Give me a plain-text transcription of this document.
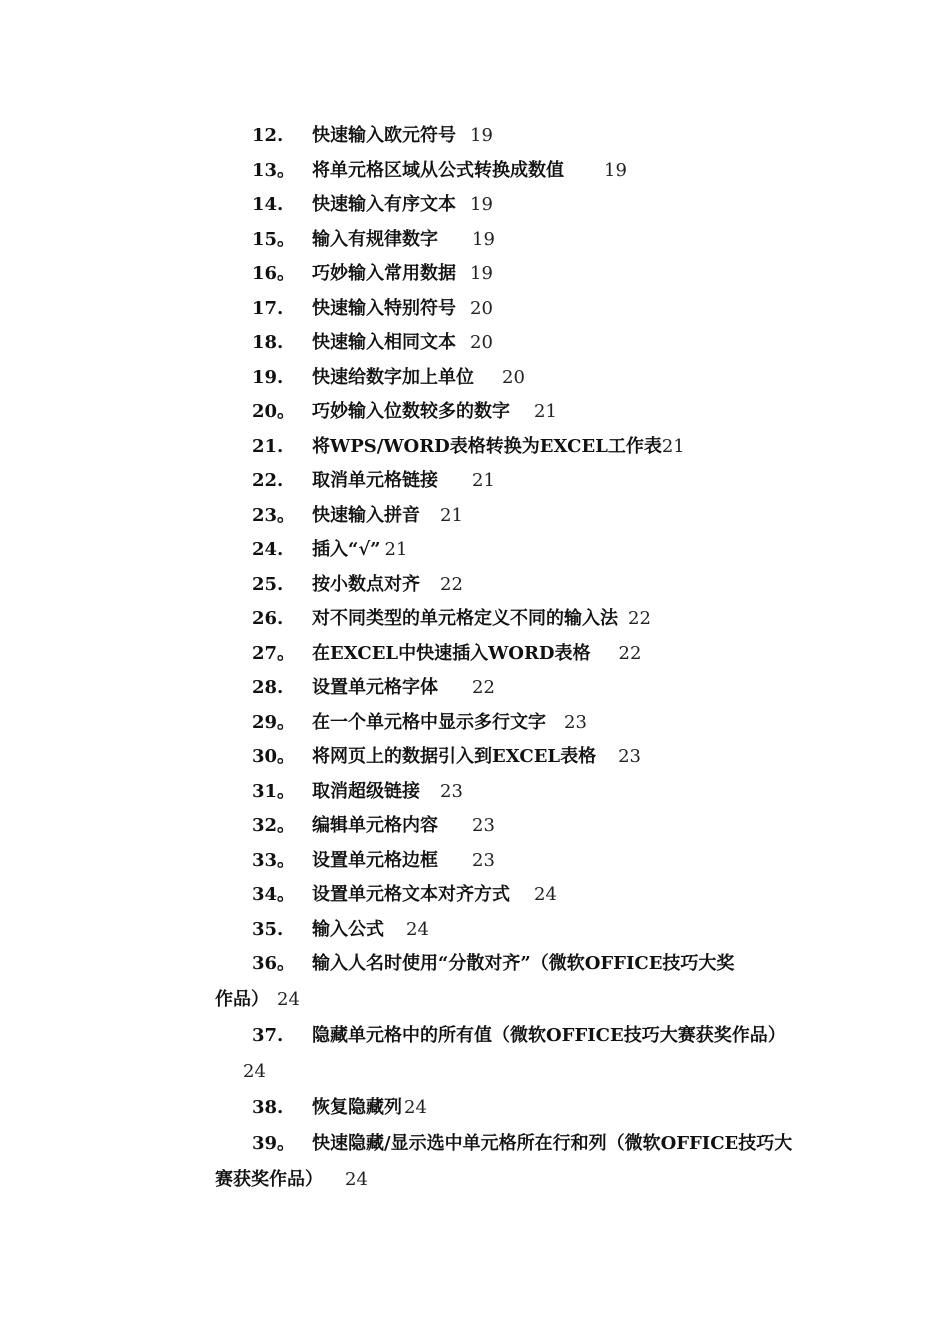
12. 快速输入欧元符号 19
13。 将单元格区域从公式转换成数值 19
14. 快速输入有序文本 19
15。 输入有规律数字 19
16。 巧妙输入常用数据 19
17. 快速输入特别符号 20
18. 快速输入相同文本 20
19. 快速给数字加上单位 20
20。 巧妙输入位数较多的数字 21
21. 将WPS/WORD表格转换为EXCEL工作表21
22. 取消单元格链接 21
23。 快速输入拼音 21
24. 插入“√” 21
25. 按小数点对齐 22
26. 对不同类型的单元格定义不同的输入法 22
27。 在EXCEL中快速插入WORD表格 22
28. 设置单元格字体 22
29。 在一个单元格中显示多行文字 23
30。 将网页上的数据引入到EXCEL表格 23
31。 取消超级链接 23
32。 编辑单元格内容 23
33。 设置单元格边框 23
34。 设置单元格文本对齐方式 24
35. 输入公式 24
36。 输入人名时使用“分散对齐”（微软OFFICE技巧大奖
作品） 24
37. 隐藏单元格中的所有值（微软OFFICE技巧大赛获奖作品）
24
38. 恢复隐藏列 24
39。 快速隐藏/显示选中单元格所在行和列（微软OFFICE技巧大
赛获奖作品） 24
